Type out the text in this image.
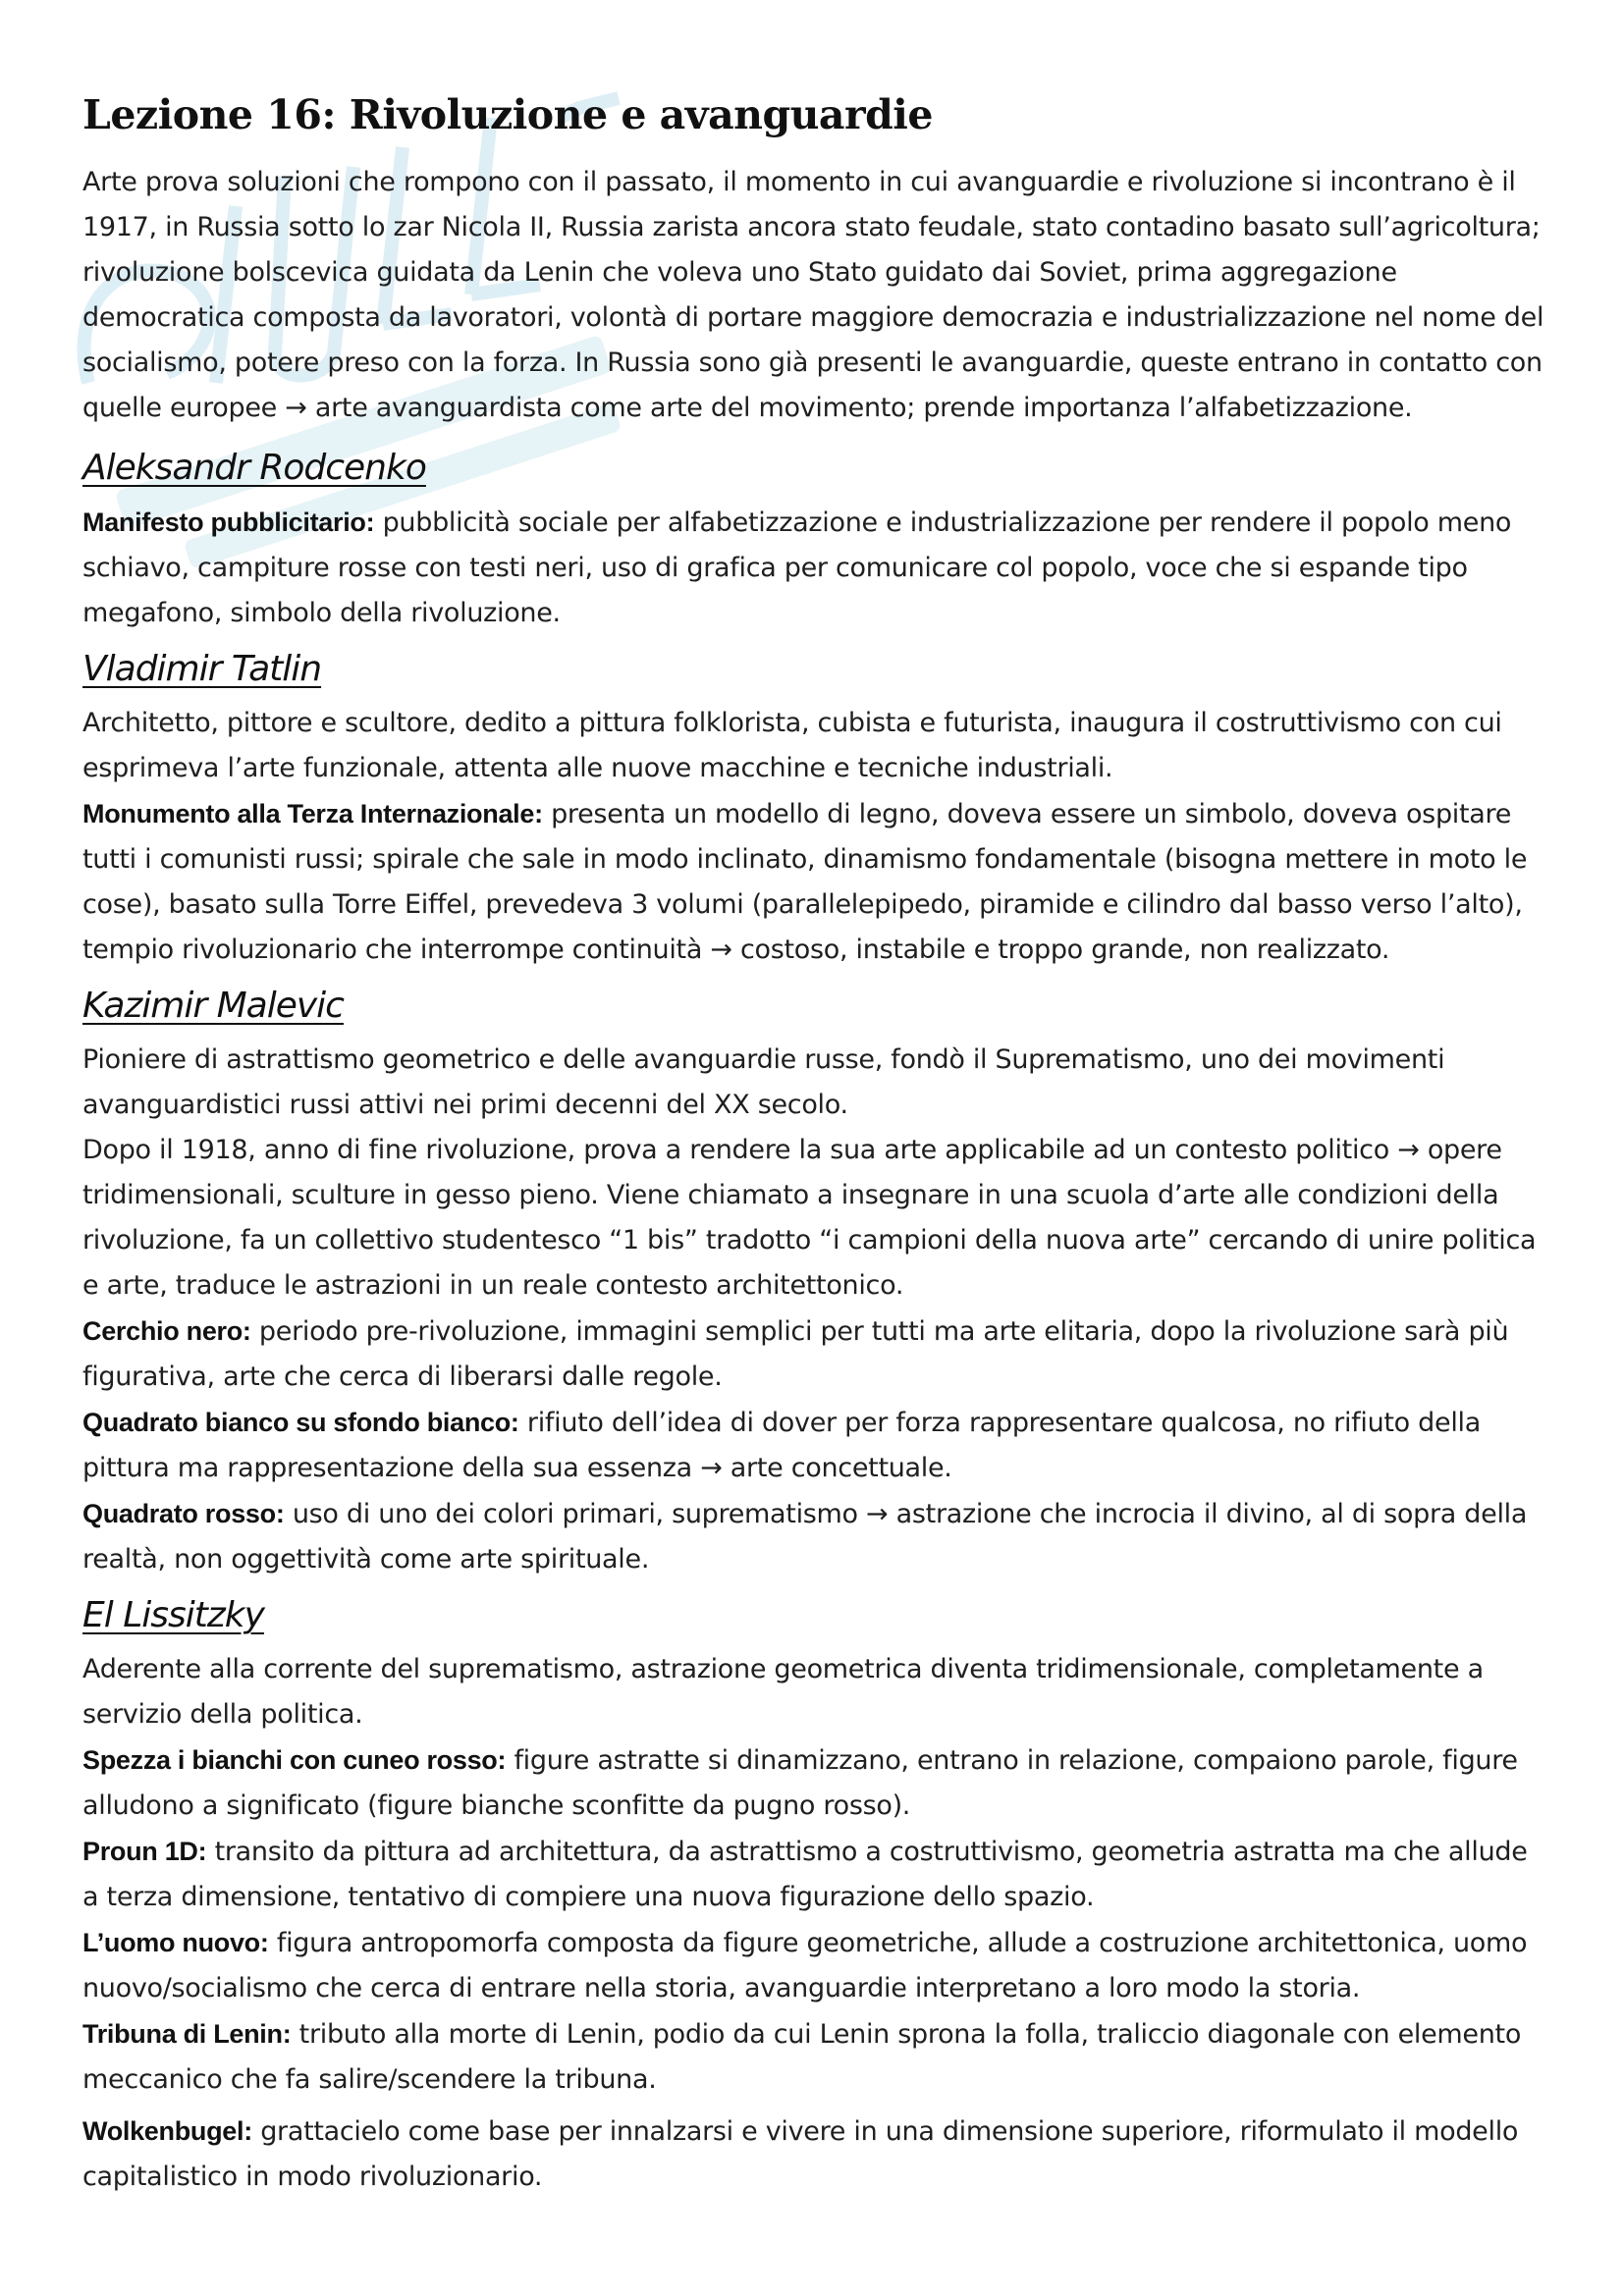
Lezione 16: Rivoluzione e avanguardie

Arte prova soluzioni che rompono con il passato, il momento in cui avanguardie e rivoluzione si incontrano è il 1917, in Russia sotto lo zar Nicola II, Russia zarista ancora stato feudale, stato contadino basato sull’agricoltura; rivoluzione bolscevica guidata da Lenin che voleva uno Stato guidato dai Soviet, prima aggregazione democratica composta da lavoratori, volontà di portare maggiore democrazia e industrializzazione nel nome del socialismo, potere preso con la forza. In Russia sono già presenti le avanguardie, queste entrano in contatto con quelle europee → arte avanguardista come arte del movimento; prende importanza l’alfabetizzazione.

Aleksandr Rodcenko

Manifesto pubblicitario: pubblicità sociale per alfabetizzazione e industrializzazione per rendere il popolo meno schiavo, campiture rosse con testi neri, uso di grafica per comunicare col popolo, voce che si espande tipo megafono, simbolo della rivoluzione.

Vladimir Tatlin

Architetto, pittore e scultore, dedito a pittura folklorista, cubista e futurista, inaugura il costruttivismo con cui esprimeva l’arte funzionale, attenta alle nuove macchine e tecniche industriali.

Monumento alla Terza Internazionale: presenta un modello di legno, doveva essere un simbolo, doveva ospitare tutti i comunisti russi; spirale che sale in modo inclinato, dinamismo fondamentale (bisogna mettere in moto le cose), basato sulla Torre Eiffel, prevedeva 3 volumi (parallelepipedo, piramide e cilindro dal basso verso l’alto), tempio rivoluzionario che interrompe continuità → costoso, instabile e troppo grande, non realizzato.

Kazimir Malevic

Pioniere di astrattismo geometrico e delle avanguardie russe, fondò il Suprematismo, uno dei movimenti avanguardistici russi attivi nei primi decenni del XX secolo.

Dopo il 1918, anno di fine rivoluzione, prova a rendere la sua arte applicabile ad un contesto politico → opere tridimensionali, sculture in gesso pieno. Viene chiamato a insegnare in una scuola d’arte alle condizioni della rivoluzione, fa un collettivo studentesco “1 bis” tradotto “i campioni della nuova arte” cercando di unire politica e arte, traduce le astrazioni in un reale contesto architettonico.

Cerchio nero: periodo pre-rivoluzione, immagini semplici per tutti ma arte elitaria, dopo la rivoluzione sarà più figurativa, arte che cerca di liberarsi dalle regole.

Quadrato bianco su sfondo bianco: rifiuto dell’idea di dover per forza rappresentare qualcosa, no rifiuto della pittura ma rappresentazione della sua essenza → arte concettuale.

Quadrato rosso: uso di uno dei colori primari, suprematismo → astrazione che incrocia il divino, al di sopra della realtà, non oggettività come arte spirituale.

El Lissitzky

Aderente alla corrente del suprematismo, astrazione geometrica diventa tridimensionale, completamente a servizio della politica.

Spezza i bianchi con cuneo rosso: figure astratte si dinamizzano, entrano in relazione, compaiono parole, figure alludono a significato (figure bianche sconfitte da pugno rosso).

Proun 1D: transito da pittura ad architettura, da astrattismo a costruttivismo, geometria astratta ma che allude a terza dimensione, tentativo di compiere una nuova figurazione dello spazio.

L’uomo nuovo: figura antropomorfa composta da figure geometriche, allude a costruzione architettonica, uomo nuovo/socialismo che cerca di entrare nella storia, avanguardie interpretano a loro modo la storia.

Tribuna di Lenin: tributo alla morte di Lenin, podio da cui Lenin sprona la folla, traliccio diagonale con elemento meccanico che fa salire/scendere la tribuna.

Wolkenbugel: grattacielo come base per innalzarsi e vivere in una dimensione superiore, riformulato il modello capitalistico in modo rivoluzionario.
